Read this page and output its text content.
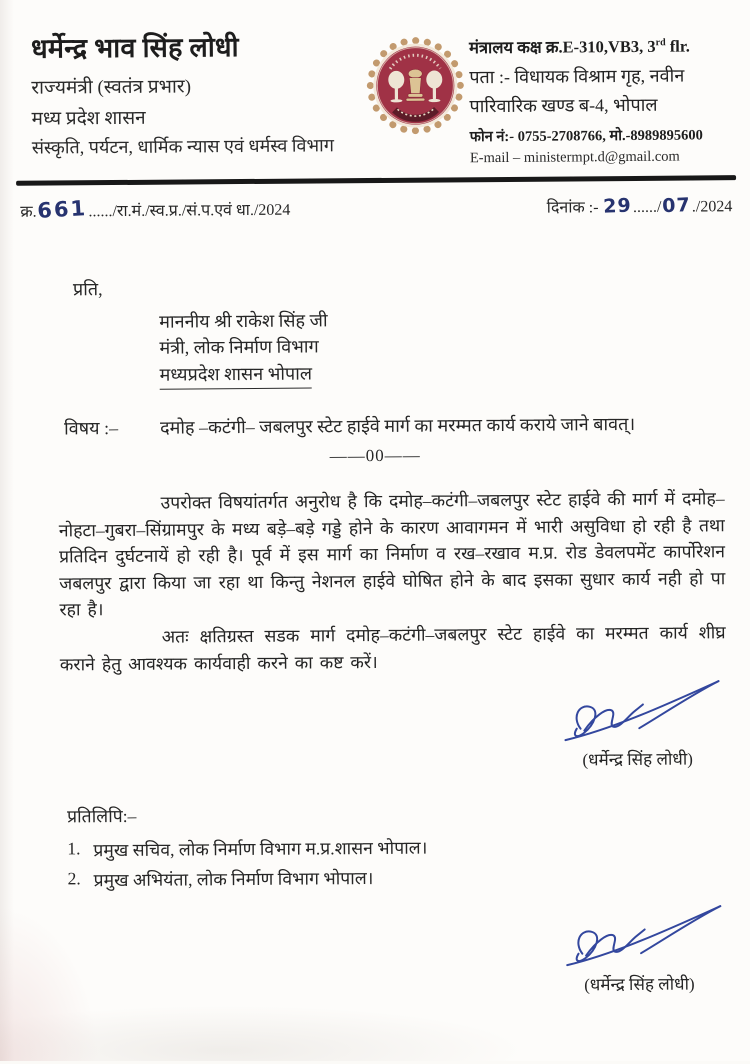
धर्मेन्द्र भाव सिंह लोधी
राज्यमंत्री (स्वतंत्र प्रभार)
मध्य प्रदेश शासन
संस्कृति, पर्यटन, धार्मिक न्यास एवं धर्मस्व विभाग
मंत्रालय कक्ष क्र.E-310,VB3, 3rd flr.
पता :- विधायक विश्राम गृह, नवीन
पारिवारिक खण्ड ब-4, भोपाल
फोन नं:- 0755-2708766, मो.-8989895600
E-mail – ministermpt.d@gmail.com
क्र.661....../रा.मं./स्व.प्र./सं.प.एवं धा./2024	दिनांक :- 29....../07./2024
प्रति,
माननीय श्री राकेश सिंह जी
मंत्री, लोक निर्माण विभाग
मध्यप्रदेश शासन भोपाल
विषय :–	दमोह –कटंगी– जबलपुर स्टेट हाईवे मार्ग का मरम्मत कार्य कराये जाने बावत्।
——00——
उपरोक्त विषयांतर्गत अनुरोध है कि दमोह–कटंगी–जबलपुर स्टेट हाईवे की मार्ग में दमोह–नोहटा–गुबरा–सिंग्रामपुर के मध्य बड़े–बड़े गड्डे होने के कारण आवागमन में भारी असुविधा हो रही है तथा प्रतिदिन दुर्घटनायें हो रही है। पूर्व में इस मार्ग का निर्माण व रख–रखाव म.प्र. रोड डेवलपमेंट कार्पोरेशन जबलपुर द्वारा किया जा रहा था किन्तु नेशनल हाईवे घोषित होने के बाद इसका सुधार कार्य नही हो पा रहा है।
अतः क्षतिग्रस्त सडक मार्ग दमोह–कटंगी–जबलपुर स्टेट हाईवे का मरम्मत कार्य शीघ्र कराने हेतु आवश्यक कार्यवाही करने का कष्ट करें।
(धर्मेन्द्र सिंह लोधी)
प्रतिलिपि:–
1. प्रमुख सचिव, लोक निर्माण विभाग म.प्र.शासन भोपाल।
2. प्रमुख अभियंता, लोक निर्माण विभाग भोपाल।
(धर्मेन्द्र सिंह लोधी)
